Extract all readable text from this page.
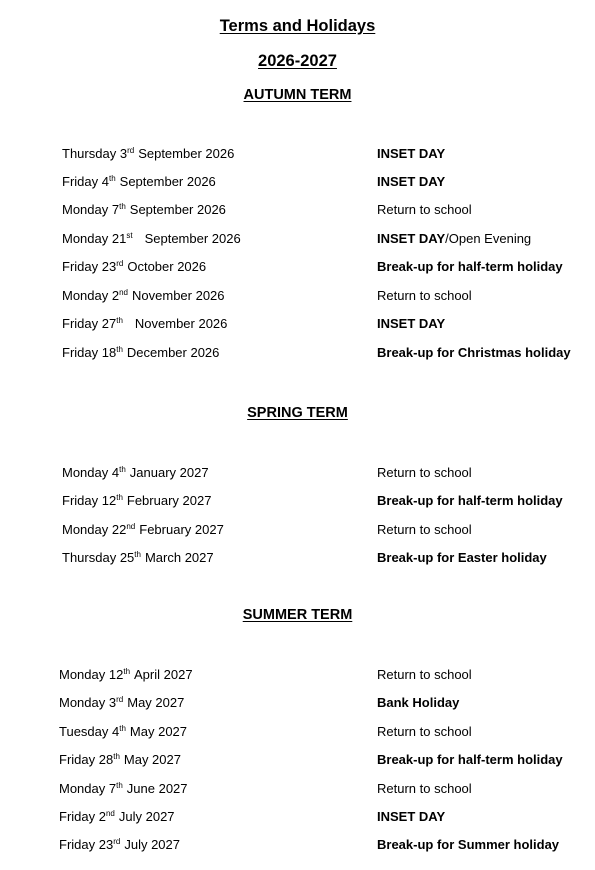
Terms and Holidays
2026-2027
AUTUMN TERM
Thursday 3rd September 2026	INSET DAY
Friday 4th September 2026	INSET DAY
Monday 7th September 2026	Return to school
Monday 21st September 2026	INSET DAY/Open Evening
Friday 23rd October 2026	Break-up for half-term holiday
Monday 2nd November 2026	Return to school
Friday 27th November 2026	INSET DAY
Friday 18th December 2026	Break-up for Christmas holiday
SPRING TERM
Monday 4th January 2027	Return to school
Friday 12th February 2027	Break-up for half-term holiday
Monday 22nd February 2027	Return to school
Thursday 25th March 2027	Break-up for Easter holiday
SUMMER TERM
Monday 12th April 2027	Return to school
Monday 3rd May 2027	Bank Holiday
Tuesday 4th May 2027	Return to school
Friday 28th May 2027	Break-up for half-term holiday
Monday 7th June 2027	Return to school
Friday 2nd July 2027	INSET DAY
Friday 23rd July 2027	Break-up for Summer holiday
